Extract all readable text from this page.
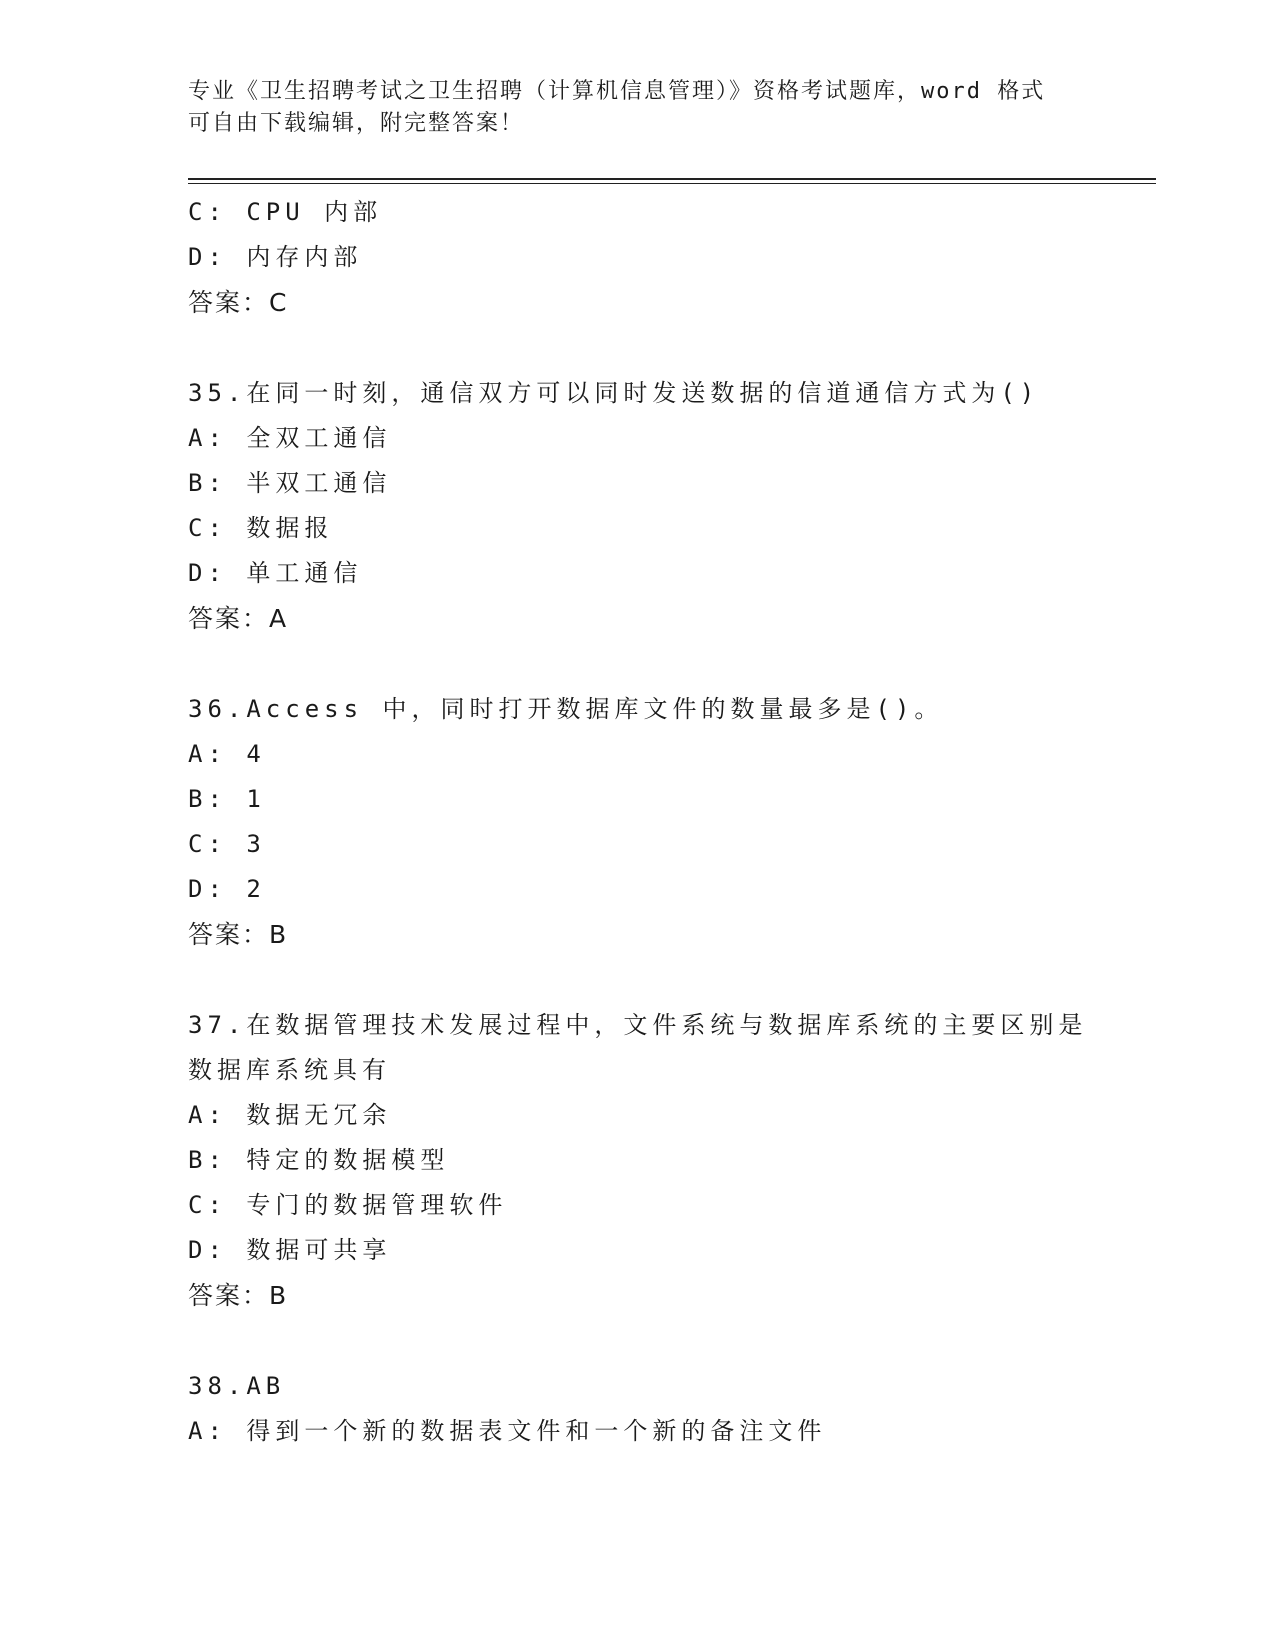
专业《卫生招聘考试之卫生招聘（计算机信息管理）》资格考试题库，word 格式
可自由下载编辑，附完整答案！
C: CPU 内部
D: 内存内部
答案：C
35.在同一时刻，通信双方可以同时发送数据的信道通信方式为()
A: 全双工通信
B: 半双工通信
C: 数据报
D: 单工通信
答案：A
36.Access 中，同时打开数据库文件的数量最多是()。
A: 4
B: 1
C: 3
D: 2
答案：B
37.在数据管理技术发展过程中，文件系统与数据库系统的主要区别是
数据库系统具有
A: 数据无冗余
B: 特定的数据模型
C: 专门的数据管理软件
D: 数据可共享
答案：B
38.AB
A: 得到一个新的数据表文件和一个新的备注文件
